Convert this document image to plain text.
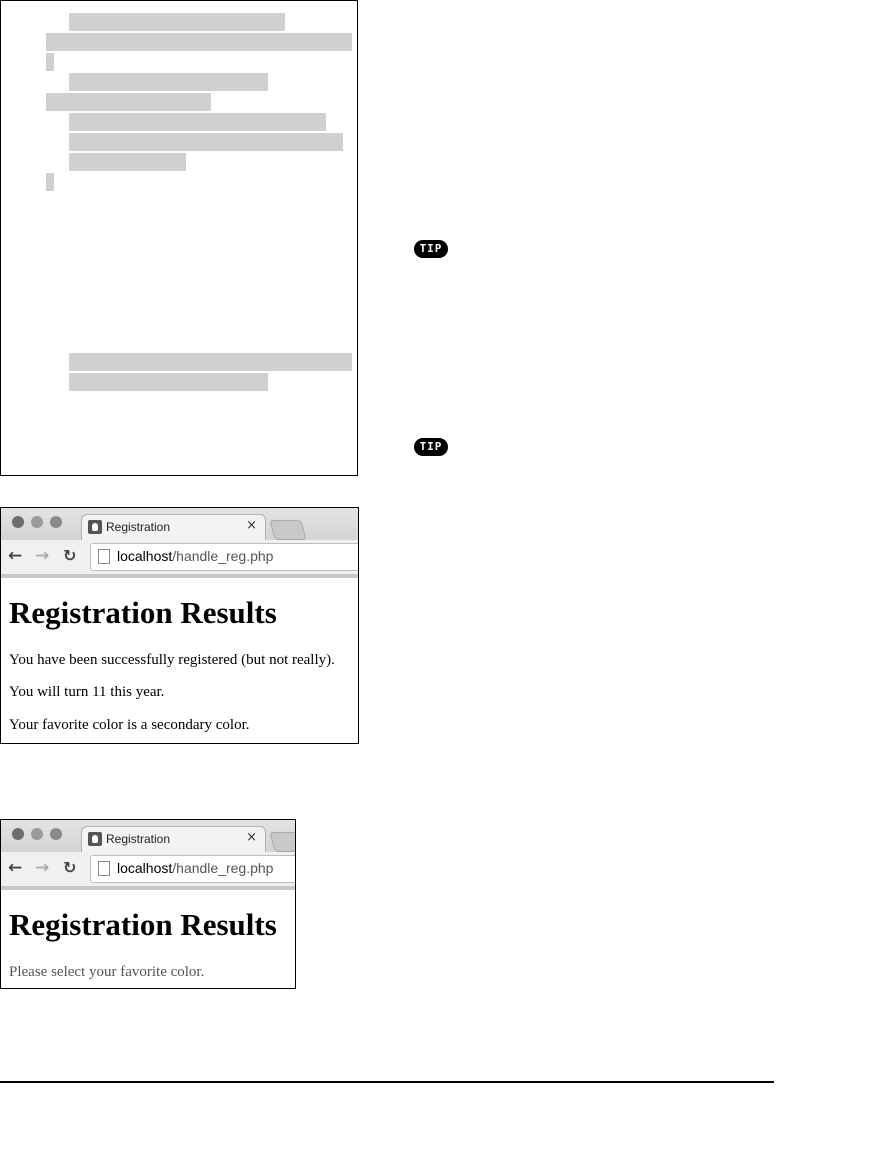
TIP
TIP
Registration	×
← → ↻	localhost/handle_reg.php
Registration Results

You have been successfully registered (but not really).

You will turn 11 this year.

Your favorite color is a secondary color.

Registration	×
← → ↻	localhost/handle_reg.php
Registration Results

Please select your favorite color.
